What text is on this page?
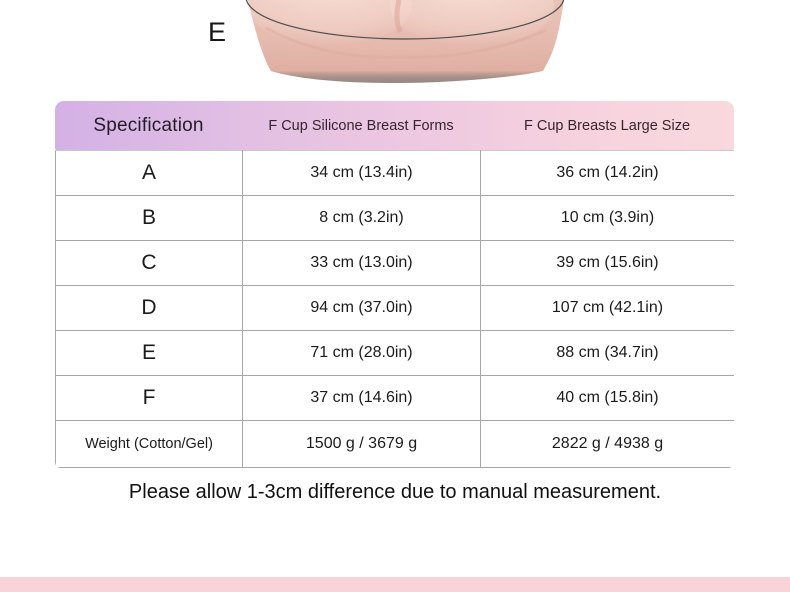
E
Specification	F Cup Silicone Breast Forms	F Cup Breasts Large Size
A	34 cm (13.4in)	36 cm (14.2in)
B	8 cm (3.2in)	10 cm (3.9in)
C	33 cm (13.0in)	39 cm (15.6in)
D	94 cm (37.0in)	107 cm (42.1in)
E	71 cm (28.0in)	88 cm (34.7in)
F	37 cm (14.6in)	40 cm (15.8in)
Weight (Cotton/Gel)	1500 g / 3679 g	2822 g / 4938 g
Please allow 1-3cm difference due to manual measurement.
